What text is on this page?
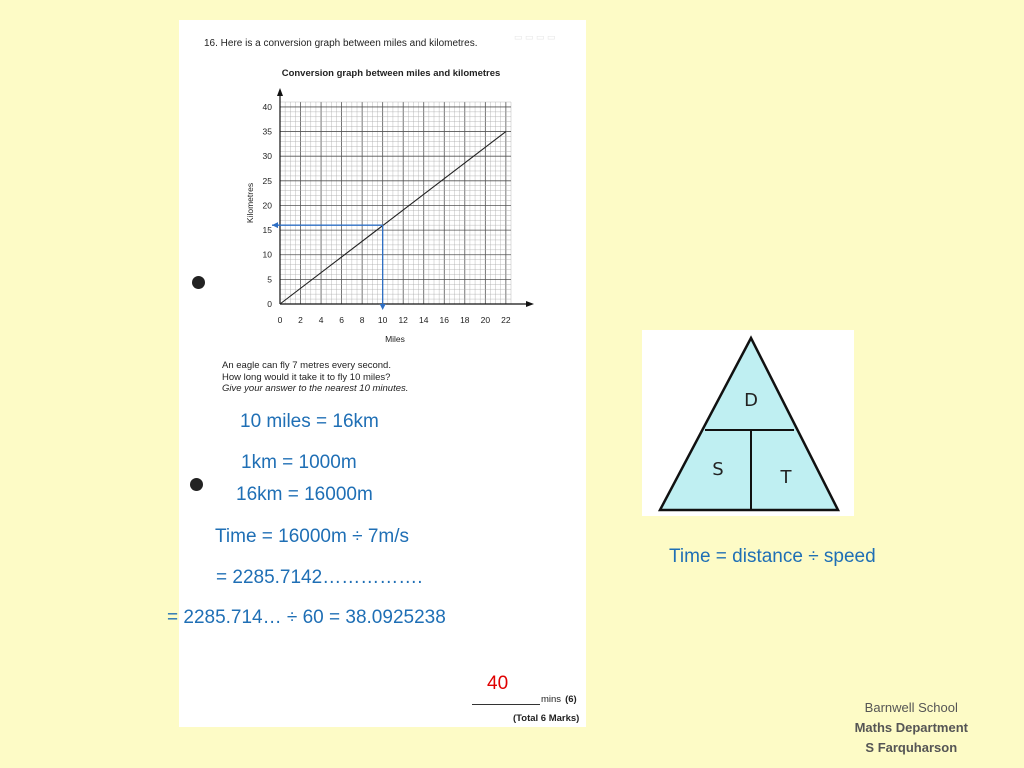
▭ ▭ ▭ ▭
16. Here is a conversion graph between miles and kilometres.
Conversion graph between miles and kilometres
0 2 4 6 8 10 12 14 16 18 20 22
0
5
10
15
20
25
30
35
40
Miles
Kilometres
An eagle can fly 7 metres every second.
How long would it take it to fly 10 miles?
Give your answer to the nearest 10 minutes.
10 miles = 16km
1km = 1000m
16km = 16000m
Time = 16000m ÷ 7m/s
= 2285.7142…………….
= 2285.714… ÷ 60 = 38.0925238
40
mins (6)
(Total 6 Marks)
D
S	T
Time = distance ÷ speed
Barnwell School
Maths Department
S Farquharson
